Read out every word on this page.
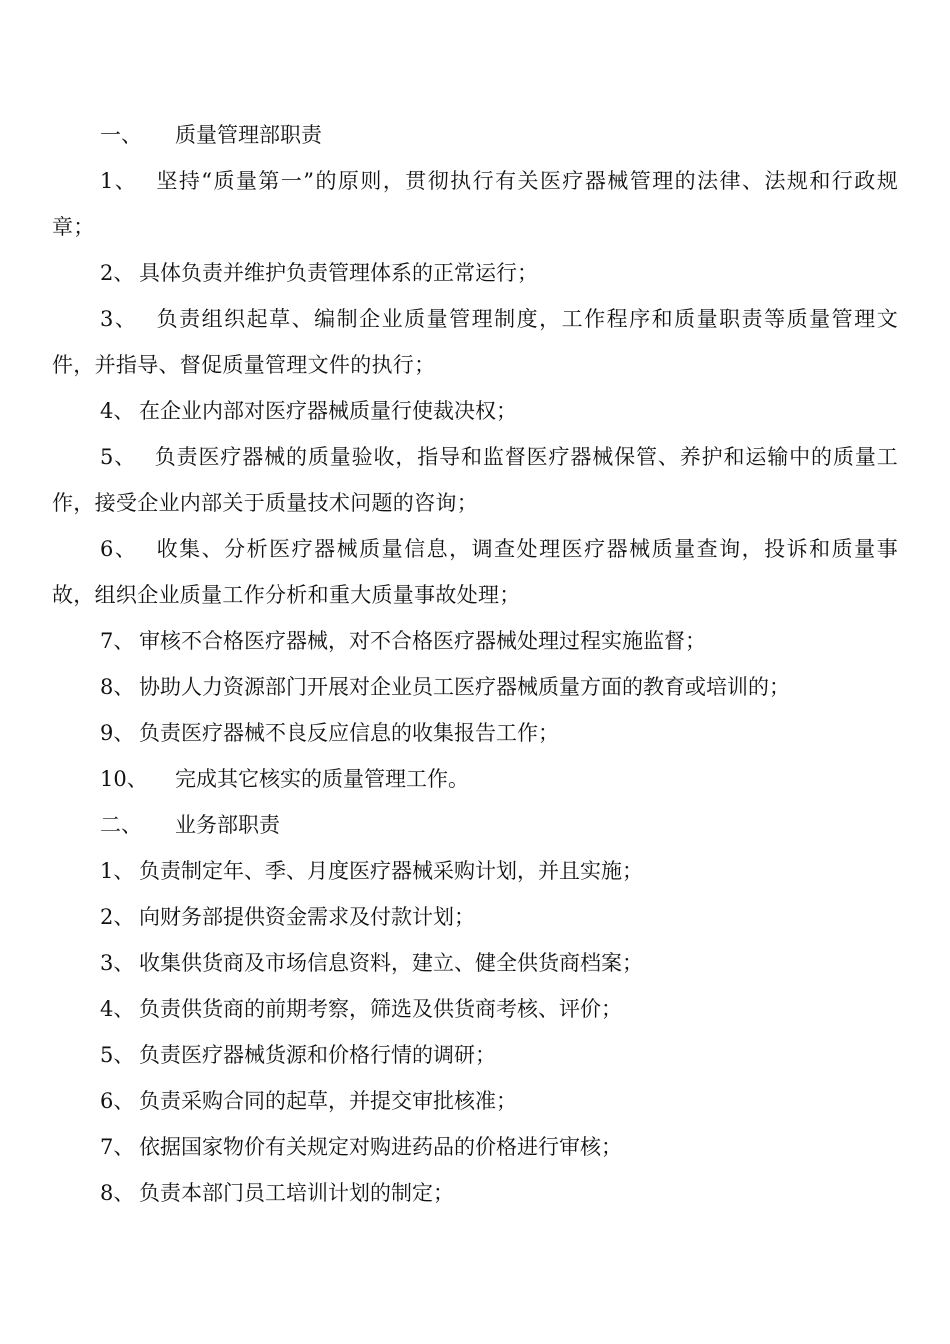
一、 质量管理部职责
1、 坚持“质量第一”的原则，贯彻执行有关医疗器械管理的法律、法规和行政规章；
2、 具体负责并维护负责管理体系的正常运行；
3、 负责组织起草、编制企业质量管理制度，工作程序和质量职责等质量管理文件，并指导、督促质量管理文件的执行；
4、 在企业内部对医疗器械质量行使裁决权；
5、 负责医疗器械的质量验收，指导和监督医疗器械保管、养护和运输中的质量工作，接受企业内部关于质量技术问题的咨询；
6、 收集、分析医疗器械质量信息，调查处理医疗器械质量查询，投诉和质量事故，组织企业质量工作分析和重大质量事故处理；
7、 审核不合格医疗器械，对不合格医疗器械处理过程实施监督；
8、 协助人力资源部门开展对企业员工医疗器械质量方面的教育或培训的；
9、 负责医疗器械不良反应信息的收集报告工作；
10、 完成其它核实的质量管理工作。
二、 业务部职责
1、 负责制定年、季、月度医疗器械采购计划，并且实施；
2、 向财务部提供资金需求及付款计划；
3、 收集供货商及市场信息资料，建立、健全供货商档案；
4、 负责供货商的前期考察，筛选及供货商考核、评价；
5、 负责医疗器械货源和价格行情的调研；
6、 负责采购合同的起草，并提交审批核准；
7、 依据国家物价有关规定对购进药品的价格进行审核；
8、 负责本部门员工培训计划的制定；
